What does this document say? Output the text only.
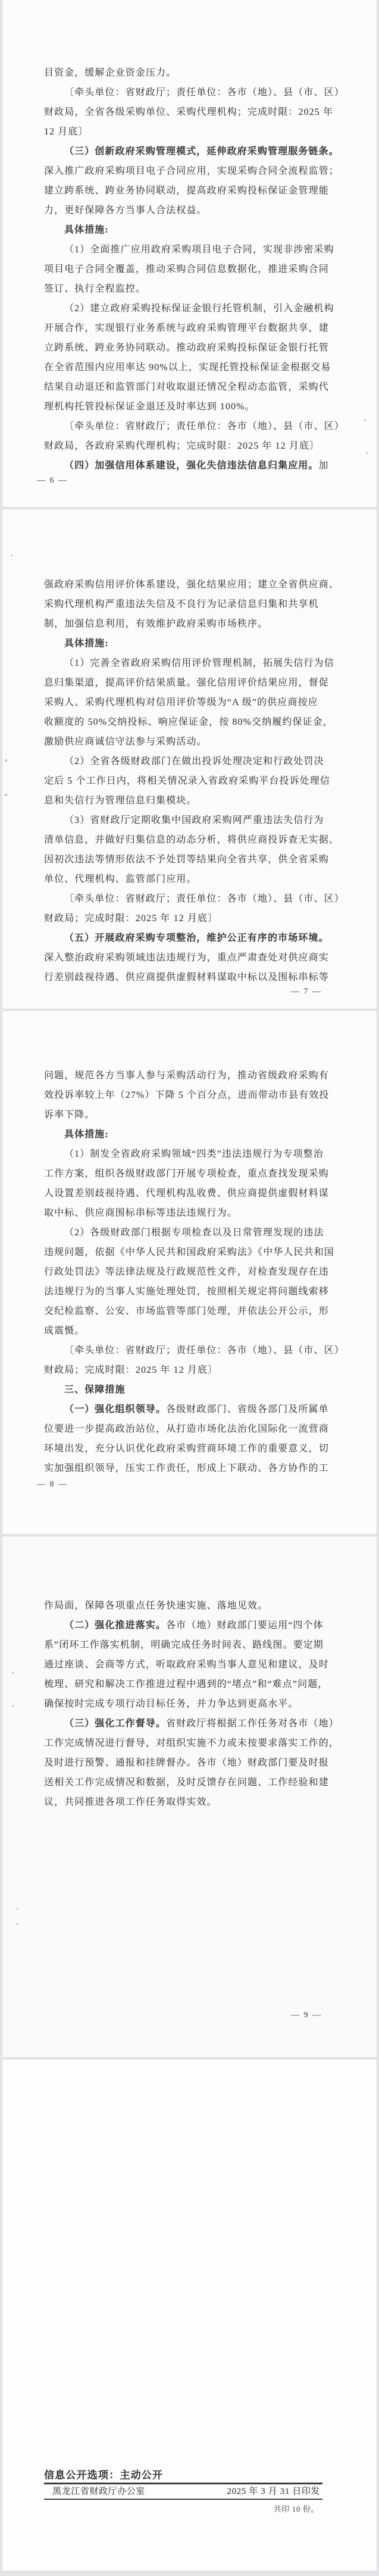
目资金，缓解企业资金压力。
〔牵头单位：省财政厅；责任单位：各市（地）、县（市、区）
财政局，全省各级采购单位、采购代理机构；完成时限：2025 年
12 月底〕
（三）创新政府采购管理模式，延伸政府采购管理服务链条。
深入推广政府采购项目电子合同应用，实现采购合同全流程监管；
建立跨系统、跨业务协同联动，提高政府采购投标保证金管理能
力，更好保障各方当事人合法权益。
具体措施:
（1）全面推广应用政府采购项目电子合同，实现非涉密采购
项目电子合同全覆盖，推动采购合同信息数据化，推进采购合同
签订、执行全程监控。
（2）建立政府采购投标保证金银行托管机制，引入金融机构
开展合作，实现银行业务系统与政府采购管理平台数据共享，建
立跨系统、跨业务协同联动。推动政府采购投标保证金银行托管
在全省范围内应用率达 90%以上，实现托管投标保证金根据交易
结果自动退还和监管部门对收取退还情况全程动态监管，采购代
理机构托管投标保证金退还及时率达到 100%。
〔牵头单位：省财政厅；责任单位：各市（地）、县（市、区）
财政局，各政府采购代理机构；完成时限：2025 年 12 月底〕
（四）加强信用体系建设，强化失信违法信息归集应用。加
— 6 —
强政府采购信用评价体系建设，强化结果应用；建立全省供应商、
采购代理机构严重违法失信及不良行为记录信息归集和共享机
制，加强信息利用，有效维护政府采购市场秩序。
具体措施:
（1）完善全省政府采购信用评价管理机制，拓展失信行为信
息归集渠道，提高评价结果质量。强化信用评价结果应用，督促
采购人、采购代理机构对信用评价等级为“A 级”的供应商按应
收额度的 50%交纳投标、响应保证金，按 80%交纳履约保证金，
激励供应商诚信守法参与采购活动。
（2）全省各级财政部门在做出投诉处理决定和行政处罚决
定后 5 个工作日内，将相关情况录入省政府采购平台投诉处理信
息和失信行为管理信息归集模块。
（3）省财政厅定期收集中国政府采购网严重违法失信行为
清单信息，并做好归集信息的动态分析，将供应商投诉查无实据、
因初次违法等情形依法不予处罚等结果向全省共享，供全省采购
单位、代理机构、监管部门应用。
〔牵头单位：省财政厅；责任单位：各市（地）、县（市、区）
财政局；完成时限：2025 年 12 月底〕
（五）开展政府采购专项整治，维护公正有序的市场环境。
深入整治政府采购领域违法违规行为，重点严肃查处对供应商实
行差别歧视待遇、供应商提供虚假材料谋取中标以及围标串标等
— 7 —
问题，规范各方当事人参与采购活动行为，推动省级政府采购有
效投诉率较上年（27%）下降 5 个百分点，进而带动市县有效投
诉率下降。
具体措施:
（1）制发全省政府采购领域“四类”违法违规行为专项整治
工作方案，组织各级财政部门开展专项检查，重点查找发现采购
人设置差别歧视待遇、代理机构乱收费、供应商提供虚假材料谋
取中标、供应商围标串标等违法违规行为。
（2）各级财政部门根据专项检查以及日常管理发现的违法
违规问题，依据《中华人民共和国政府采购法》《中华人民共和国
行政处罚法》等法律法规及行政规范性文件，对检查发现存在违
法违规行为的当事人实施处理处罚，按照相关规定将问题线索移
交纪检监察、公安、市场监管等部门处理，并依法公开公示，形
成震慑。
〔牵头单位：省财政厅；责任单位：各市（地）、县（市、区）
财政局；完成时限：2025 年 12 月底〕
三、保障措施
（一）强化组织领导。各级财政部门、省级各部门及所属单
位要进一步提高政治站位，从打造市场化法治化国际化一流营商
环境出发，充分认识优化政府采购营商环境工作的重要意义，切
实加强组织领导，压实工作责任，形成上下联动、各方协作的工
— 8 —
作局面，保障各项重点任务快速实施、落地见效。
（二）强化推进落实。各市（地）财政部门要运用“四个体
系”闭环工作落实机制，明确完成任务时间表、路线图。要定期
通过座谈、会商等方式，听取政府采购当事人意见和建议，及时
梳理、研究和解决工作推进过程中遇到的“堵点”和“难点”问题，
确保按时完成专项行动目标任务，并力争达到更高水平。
（三）强化工作督导。省财政厅将根据工作任务对各市（地）
工作完成情况进行督导，对组织实施不力或未按要求落实工作的，
及时进行预警、通报和挂牌督办。各市（地）财政部门要及时报
送相关工作完成情况和数据，及时反馈存在问题、工作经验和建
议，共同推进各项工作任务取得实效。
— 9 —
信息公开选项：主动公开
黑龙江省财政厅办公室	2025 年 3 月 31 日印发
共印 10 份。
